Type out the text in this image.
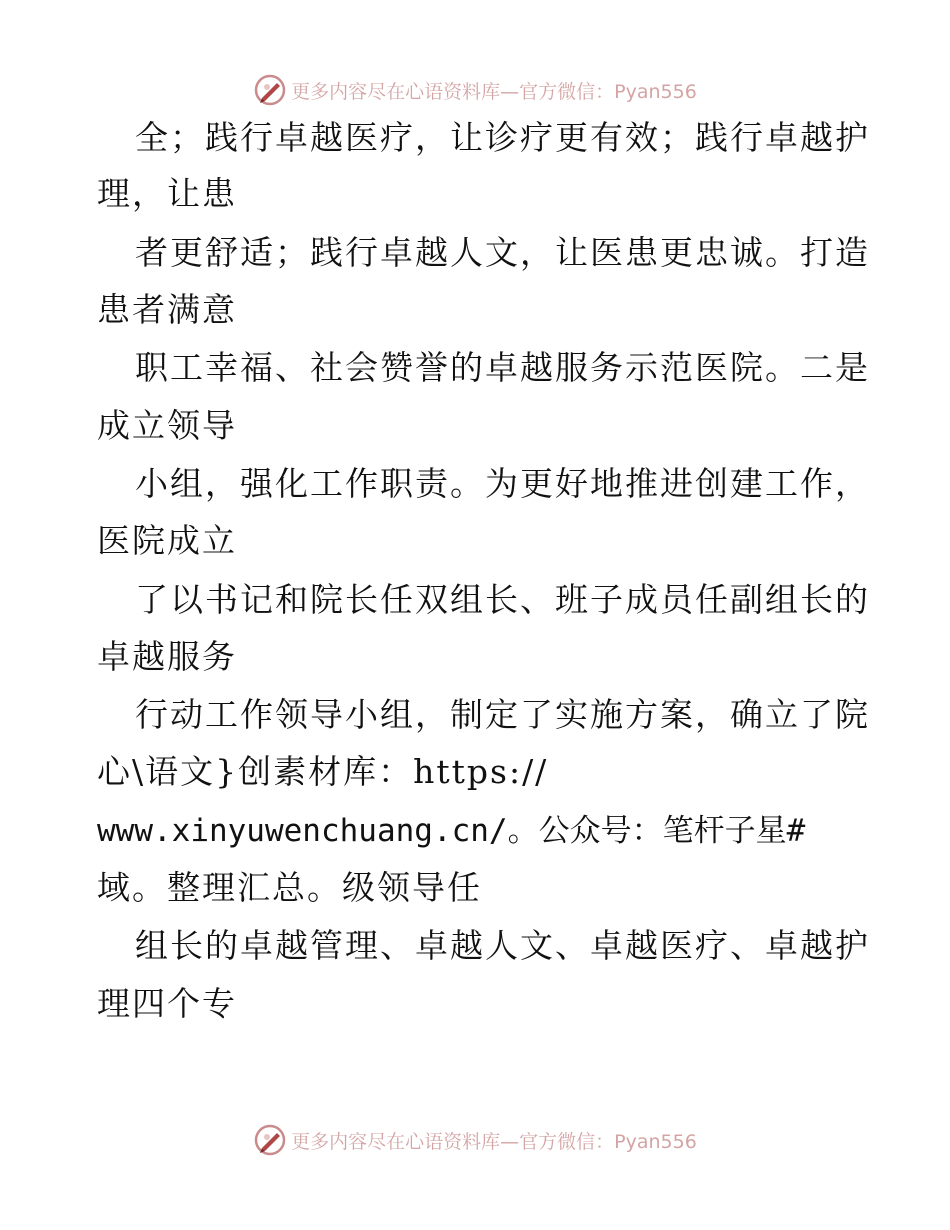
更多内容尽在心语资料库—官方微信：Pyan556
全；践行卓越医疗，让诊疗更有效；践行卓越护
理，让患
者更舒适；践行卓越人文，让医患更忠诚。打造
患者满意
职工幸福、社会赞誉的卓越服务示范医院。二是
成立领导
小组，强化工作职责。为更好地推进创建工作，
医院成立
了以书记和院长任双组长、班子成员任副组长的
卓越服务
行动工作领导小组，制定了实施方案，确立了院
心\语文}创素材库：https://
www.xinyuwenchuang.cn/。公众号：笔杆子星#
域。整理汇总。级领导任
组长的卓越管理、卓越人文、卓越医疗、卓越护
理四个专
更多内容尽在心语资料库—官方微信：Pyan556
